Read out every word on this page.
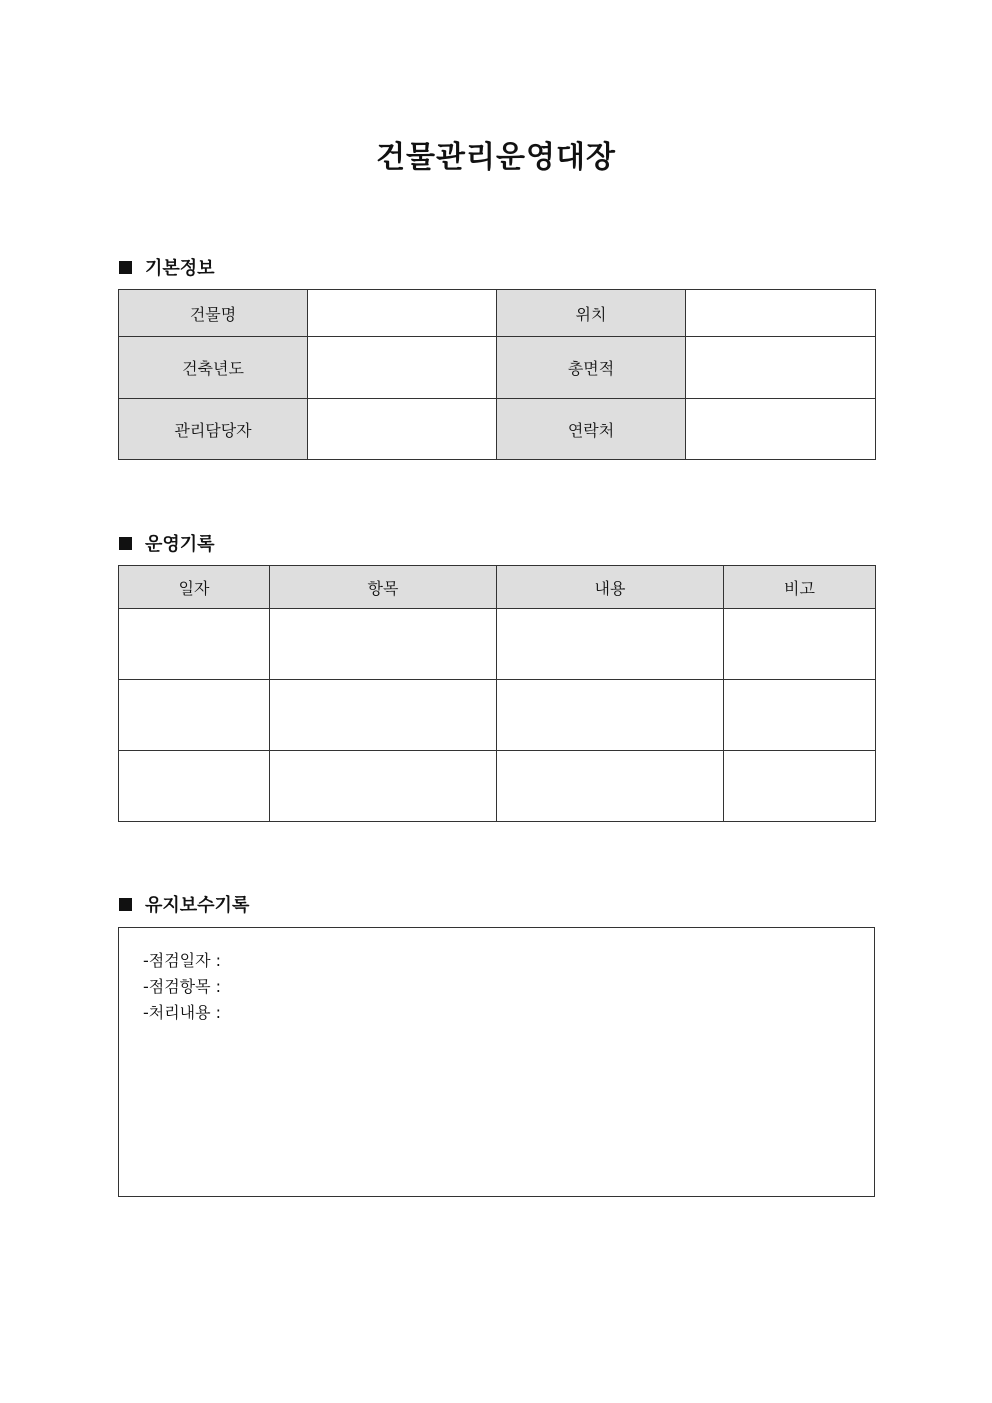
건물관리운영대장
기본정보
건물명		위치	
건축년도		총면적	
관리담당자		연락처	
운영기록
일자	항목	내용	비고

유지보수기록
-점검일자 :
-점검항목 :
-처리내용 :
